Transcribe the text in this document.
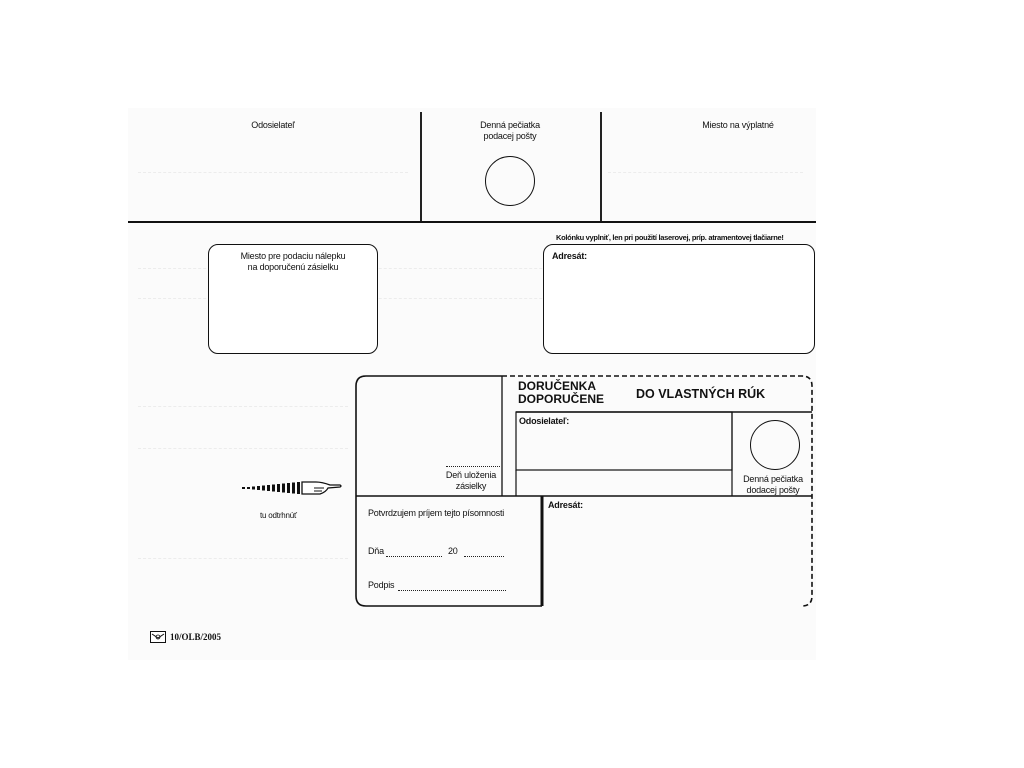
Odosielateľ	Denná pečiatka
podacej pošty
Miesto na výplatné
Kolónku vyplniť, len pri použití laserovej, príp. atramentovej tlačiarne!
Miesto pre podaciu nálepku
na doporučenú zásielku
Adresát:
tu odtrhnúť
DORUČENKA
DOPORUČENE	DO VLASTNÝCH RÚK
Odosielateľ:
Denná pečiatka
dodacej pošty
Deň uloženia
zásielky
Potvrdzujem príjem tejto písomnosti
Dňa	20
Podpis
Adresát:
10/OLB/2005
